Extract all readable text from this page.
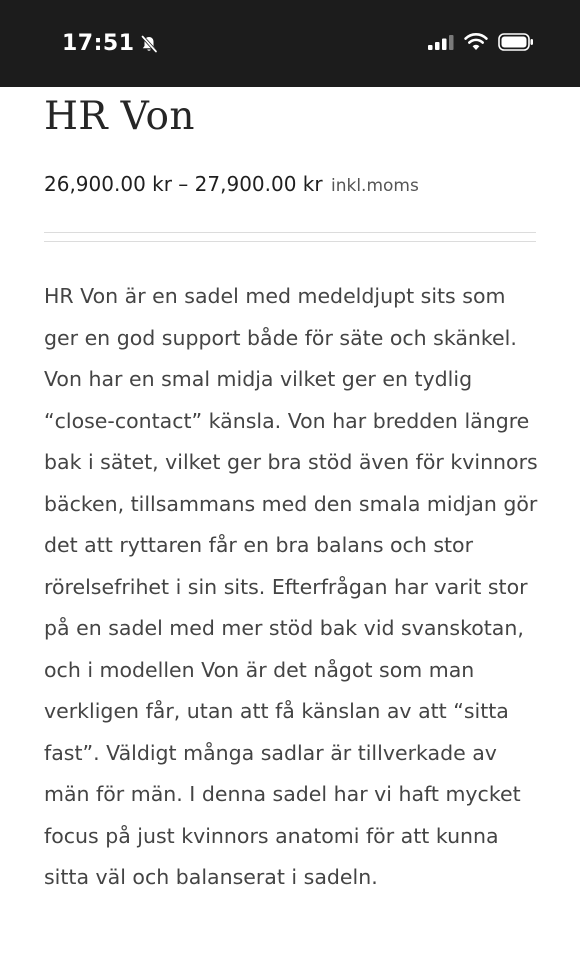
17:51
HR Von
26,900.00 kr – 27,900.00 kr inkl.moms
HR Von är en sadel med medeldjupt sits som ger en god support både för säte och skänkel. Von har en smal midja vilket ger en tydlig “close-contact” känsla. Von har bredden längre bak i sätet, vilket ger bra stöd även för kvinnors bäcken, tillsammans med den smala midjan gör det att ryttaren får en bra balans och stor rörelsefrihet i sin sits. Efterfrågan har varit stor på en sadel med mer stöd bak vid svanskotan, och i modellen Von är det något som man verkligen får, utan att få känslan av att “sitta fast”. Väldigt många sadlar är tillverkade av män för män. I denna sadel har vi haft mycket focus på just kvinnors anatomi för att kunna sitta väl och balanserat i sadeln.
